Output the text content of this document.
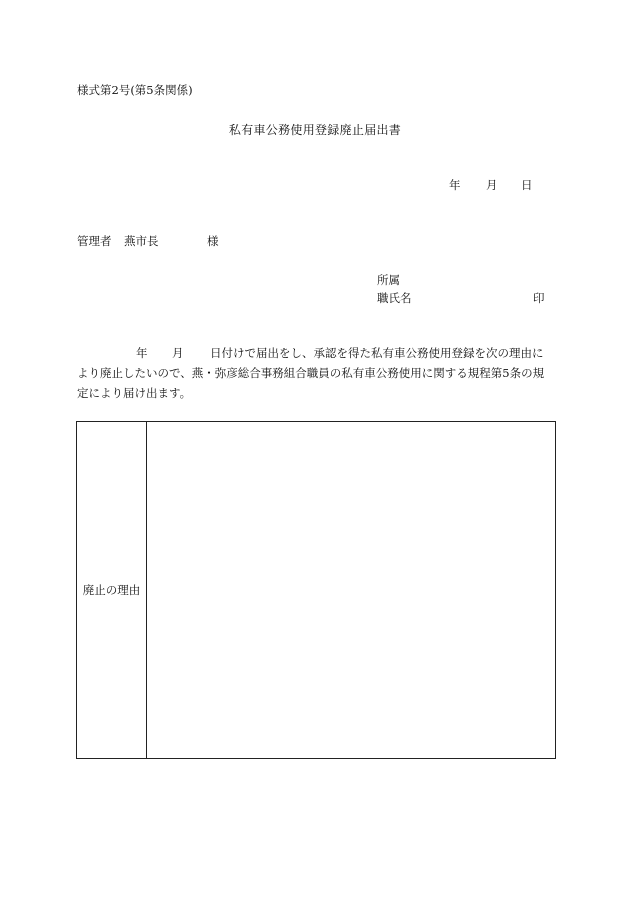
様式第2号(第5条関係)
私有車公務使用登録廃止届出書
年 月 日
管理者 燕市長	様
所属
職氏名	印
年 月 日付けで届出をし、承認を得た私有車公務使用登録を次の理由に
より廃止したいので、燕・弥彦総合事務組合職員の私有車公務使用に関する規程第5条の規
定により届け出ます。
廃止の理由
